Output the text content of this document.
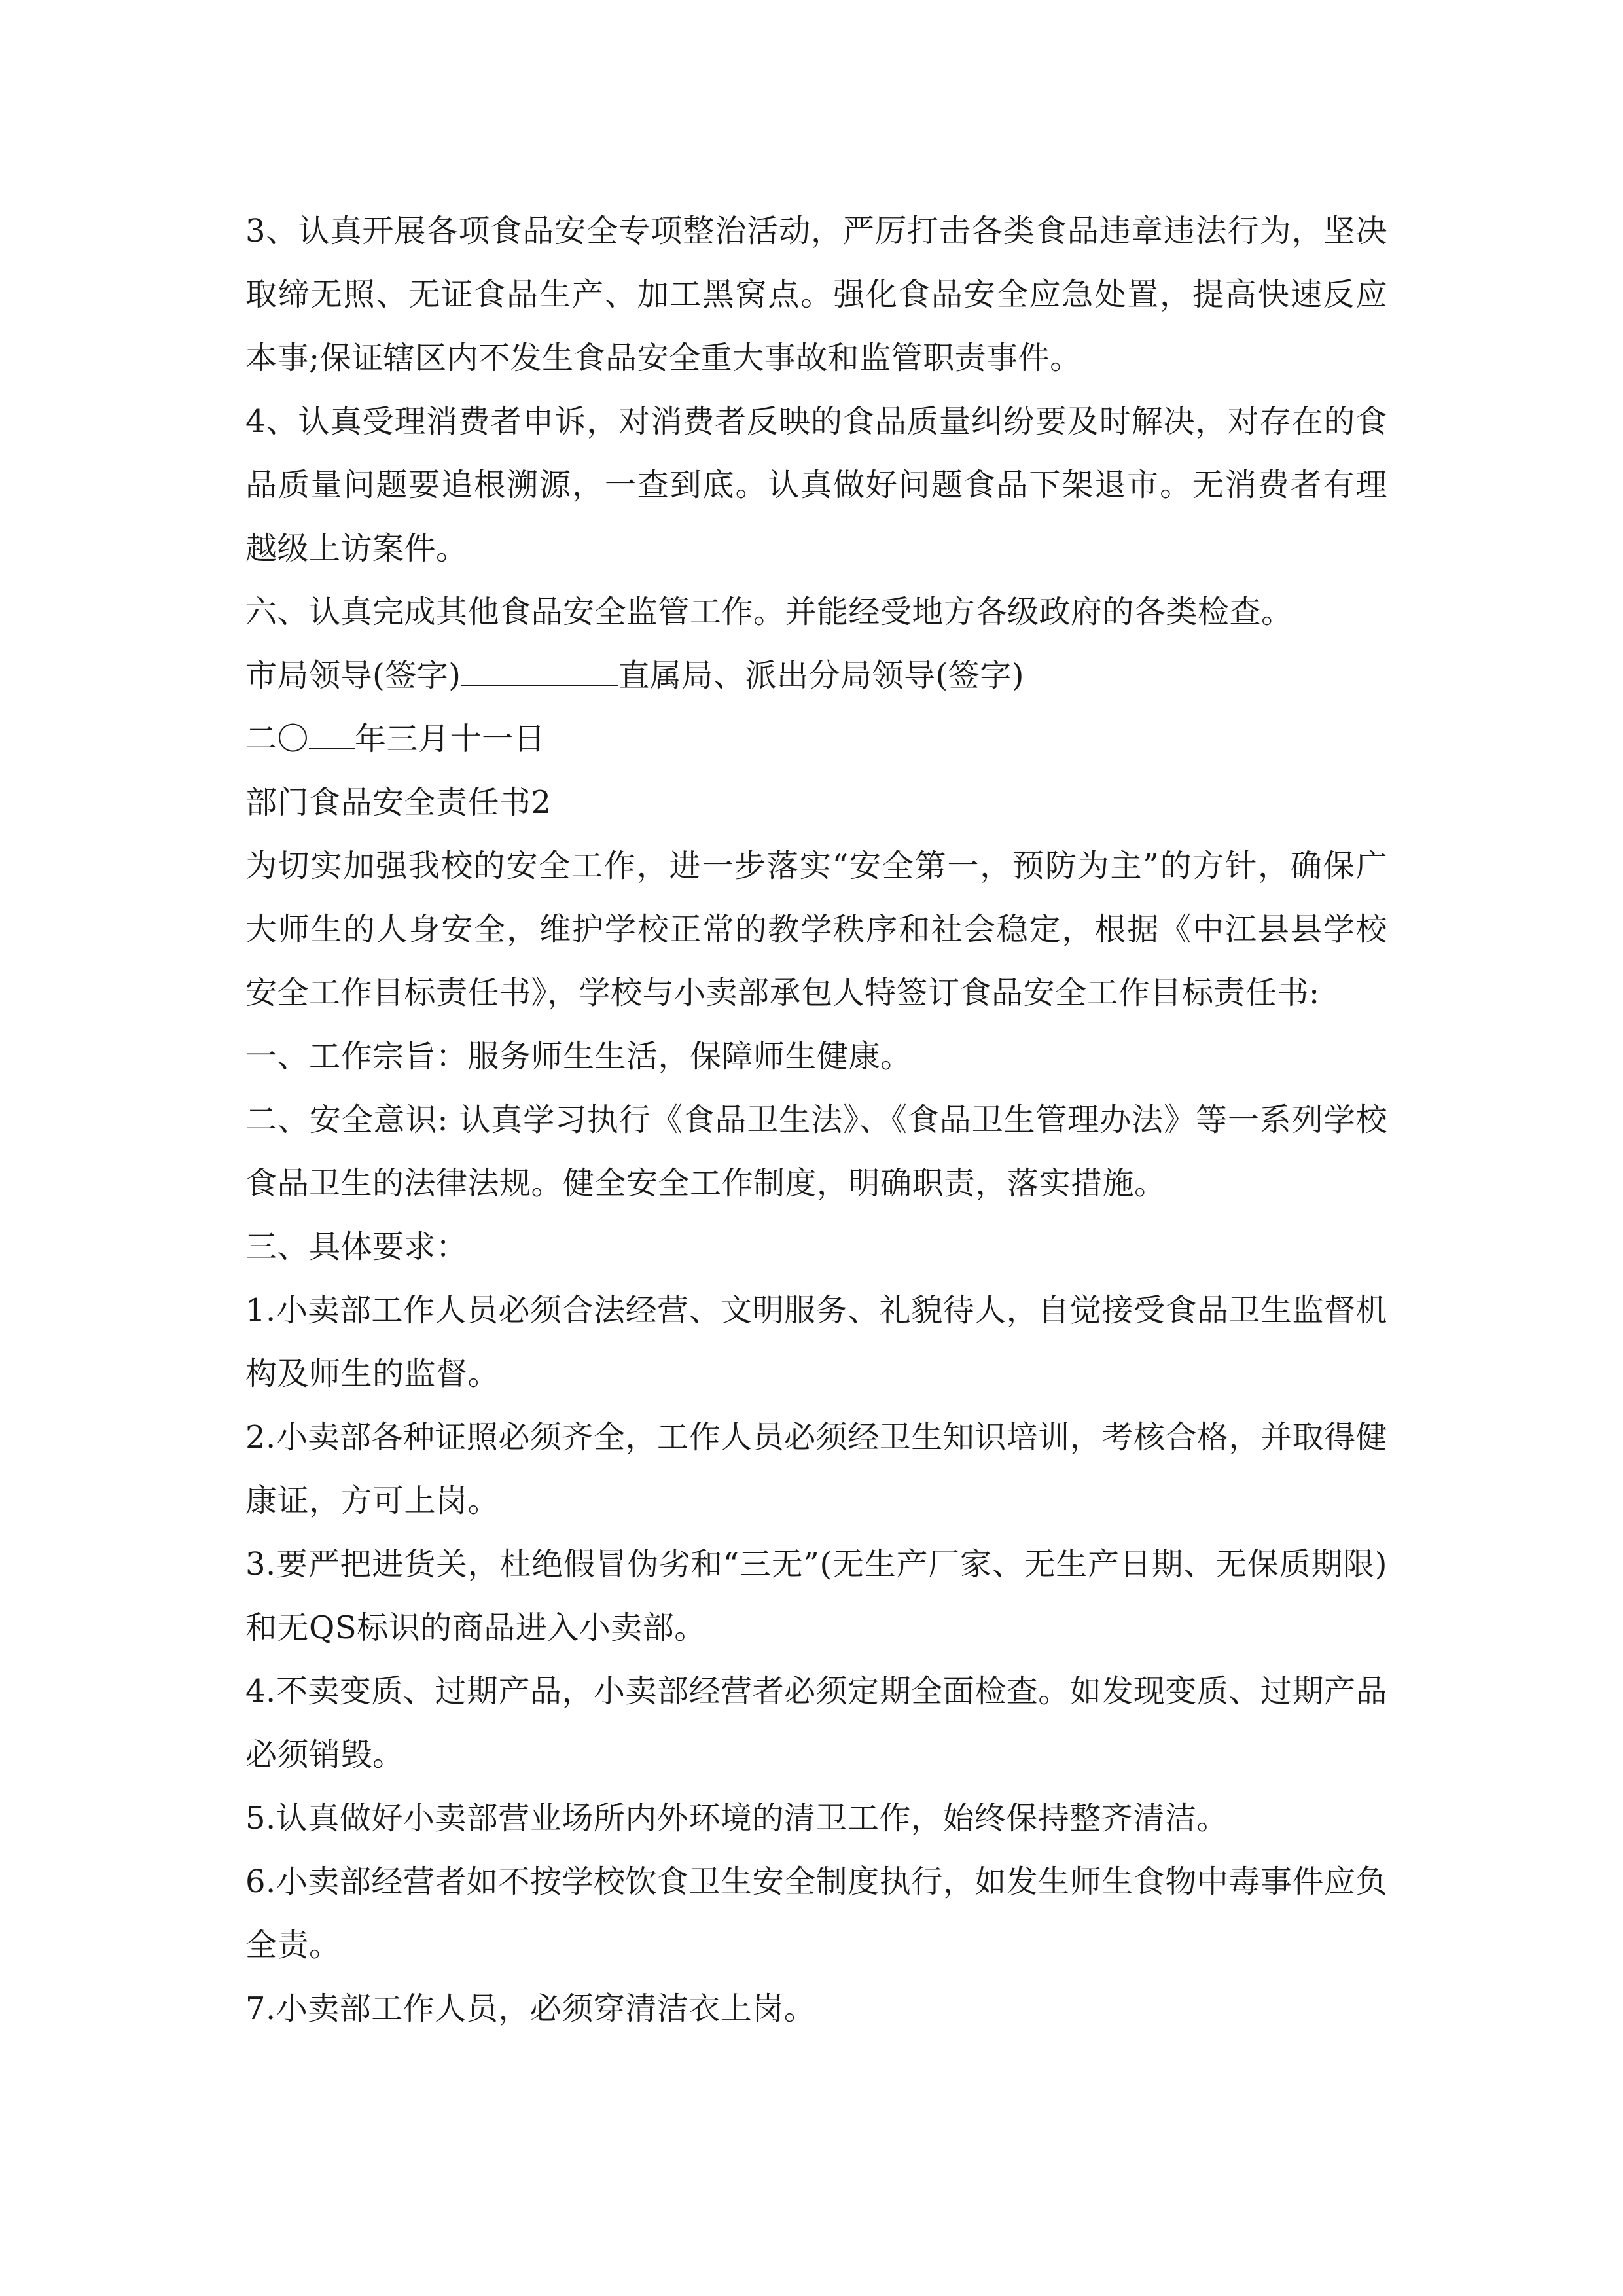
3、认真开展各项食品安全专项整治活动，严厉打击各类食品违章违法行为，坚决取缔无照、无证食品生产、加工黑窝点。强化食品安全应急处置，提高快速反应本事;保证辖区内不发生食品安全重大事故和监管职责事件。

4、认真受理消费者申诉，对消费者反映的食品质量纠纷要及时解决，对存在的食品质量问题要追根溯源，一查到底。认真做好问题食品下架退市。无消费者有理越级上访案件。

六、认真完成其他食品安全监管工作。并能经受地方各级政府的各类检查。

市局领导(签字)	直属局、派出分局领导(签字)

二〇 年三月十一日

部门食品安全责任书2

为切实加强我校的安全工作，进一步落实“安全第一，预防为主”的方针，确保广大师生的人身安全，维护学校正常的教学秩序和社会稳定，根据《中江县县学校安全工作目标责任书》，学校与小卖部承包人特签订食品安全工作目标责任书:

一、工作宗旨：服务师生生活，保障师生健康。

二、安全意识: 认真学习执行《食品卫生法》、《食品卫生管理办法》等一系列学校食品卫生的法律法规。健全安全工作制度，明确职责，落实措施。

三、具体要求：

1.小卖部工作人员必须合法经营、文明服务、礼貌待人，自觉接受食品卫生监督机构及师生的监督。

2.小卖部各种证照必须齐全，工作人员必须经卫生知识培训，考核合格，并取得健康证，方可上岗。

3.要严把进货关，杜绝假冒伪劣和“三无”(无生产厂家、无生产日期、无保质期限)和无QS标识的商品进入小卖部。

4.不卖变质、过期产品，小卖部经营者必须定期全面检查。如发现变质、过期产品必须销毁。

5.认真做好小卖部营业场所内外环境的清卫工作，始终保持整齐清洁。

6.小卖部经营者如不按学校饮食卫生安全制度执行，如发生师生食物中毒事件应负全责。

7.小卖部工作人员，必须穿清洁衣上岗。
